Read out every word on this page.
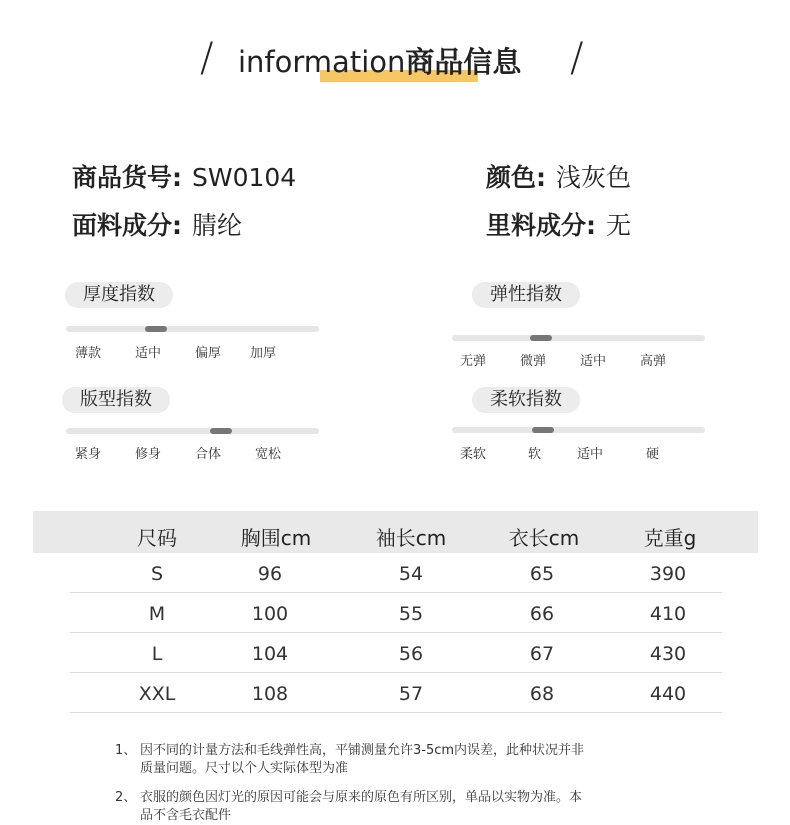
/	/
information商品信息
商品货号: SW0104	颜色: 浅灰色
面料成分: 腈纶	里料成分: 无
厚度指数
薄款	适中	偏厚 加厚
弹性指数
无弹	微弹	适中	高弹
版型指数
紧身	修身	合体	宽松
柔软指数
柔软	软	适中	硬
尺码	胸围cm	袖长cm	衣长cm	克重g
S	96	54	65	390
M	100	55	66	410
L	104	56	67	430
XXL	108	57	68	440
1、 因不同的计量方法和毛线弹性高，平铺测量允许3-5cm内误差，此种状况并非
质量问题。尺寸以个人实际体型为准
2、 衣服的颜色因灯光的原因可能会与原来的原色有所区别，单品以实物为准。本
品不含毛衣配件
